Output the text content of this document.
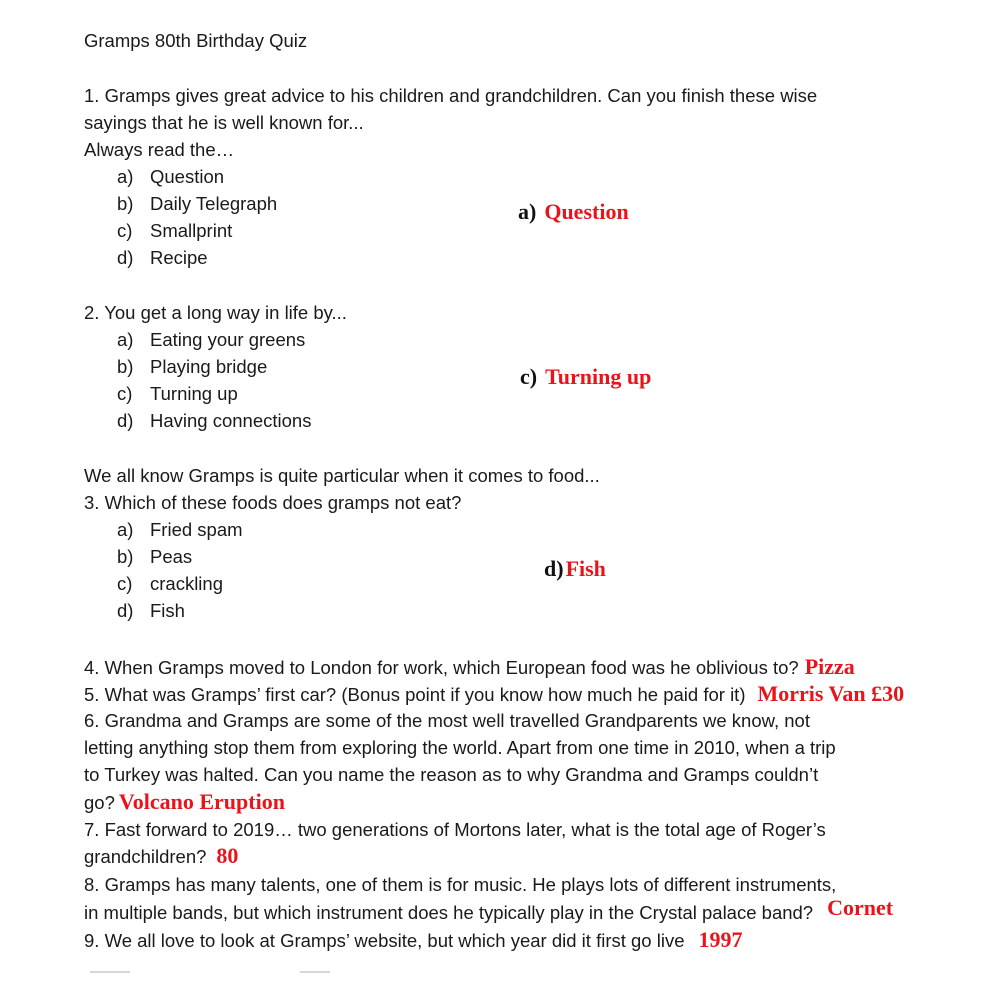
Gramps 80th Birthday Quiz
1. Gramps gives great advice to his children and grandchildren. Can you finish these wise
sayings that he is well known for...
Always read the…
a) Question
b) Daily Telegraph
c) Smallprint
d) Recipe
a) Question
2. You get a long way in life by...
a) Eating your greens
b) Playing bridge
c) Turning up
d) Having connections
c) Turning up
We all know Gramps is quite particular when it comes to food...
3. Which of these foods does gramps not eat?
a) Fried spam
b) Peas
c) crackling
d) Fish
d)Fish
4. When Gramps moved to London for work, which European food was he oblivious to? Pizza
5. What was Gramps’ first car? (Bonus point if you know how much he paid for it) Morris Van £30
6. Grandma and Gramps are some of the most well travelled Grandparents we know, not
letting anything stop them from exploring the world. Apart from one time in 2010, when a trip
to Turkey was halted. Can you name the reason as to why Grandma and Gramps couldn’t
go? Volcano Eruption
7. Fast forward to 2019… two generations of Mortons later, what is the total age of Roger’s
grandchildren? 80
8. Gramps has many talents, one of them is for music. He plays lots of different instruments,
in multiple bands, but which instrument does he typically play in the Crystal palace band? Cornet
9. We all love to look at Gramps’ website, but which year did it first go live 1997
